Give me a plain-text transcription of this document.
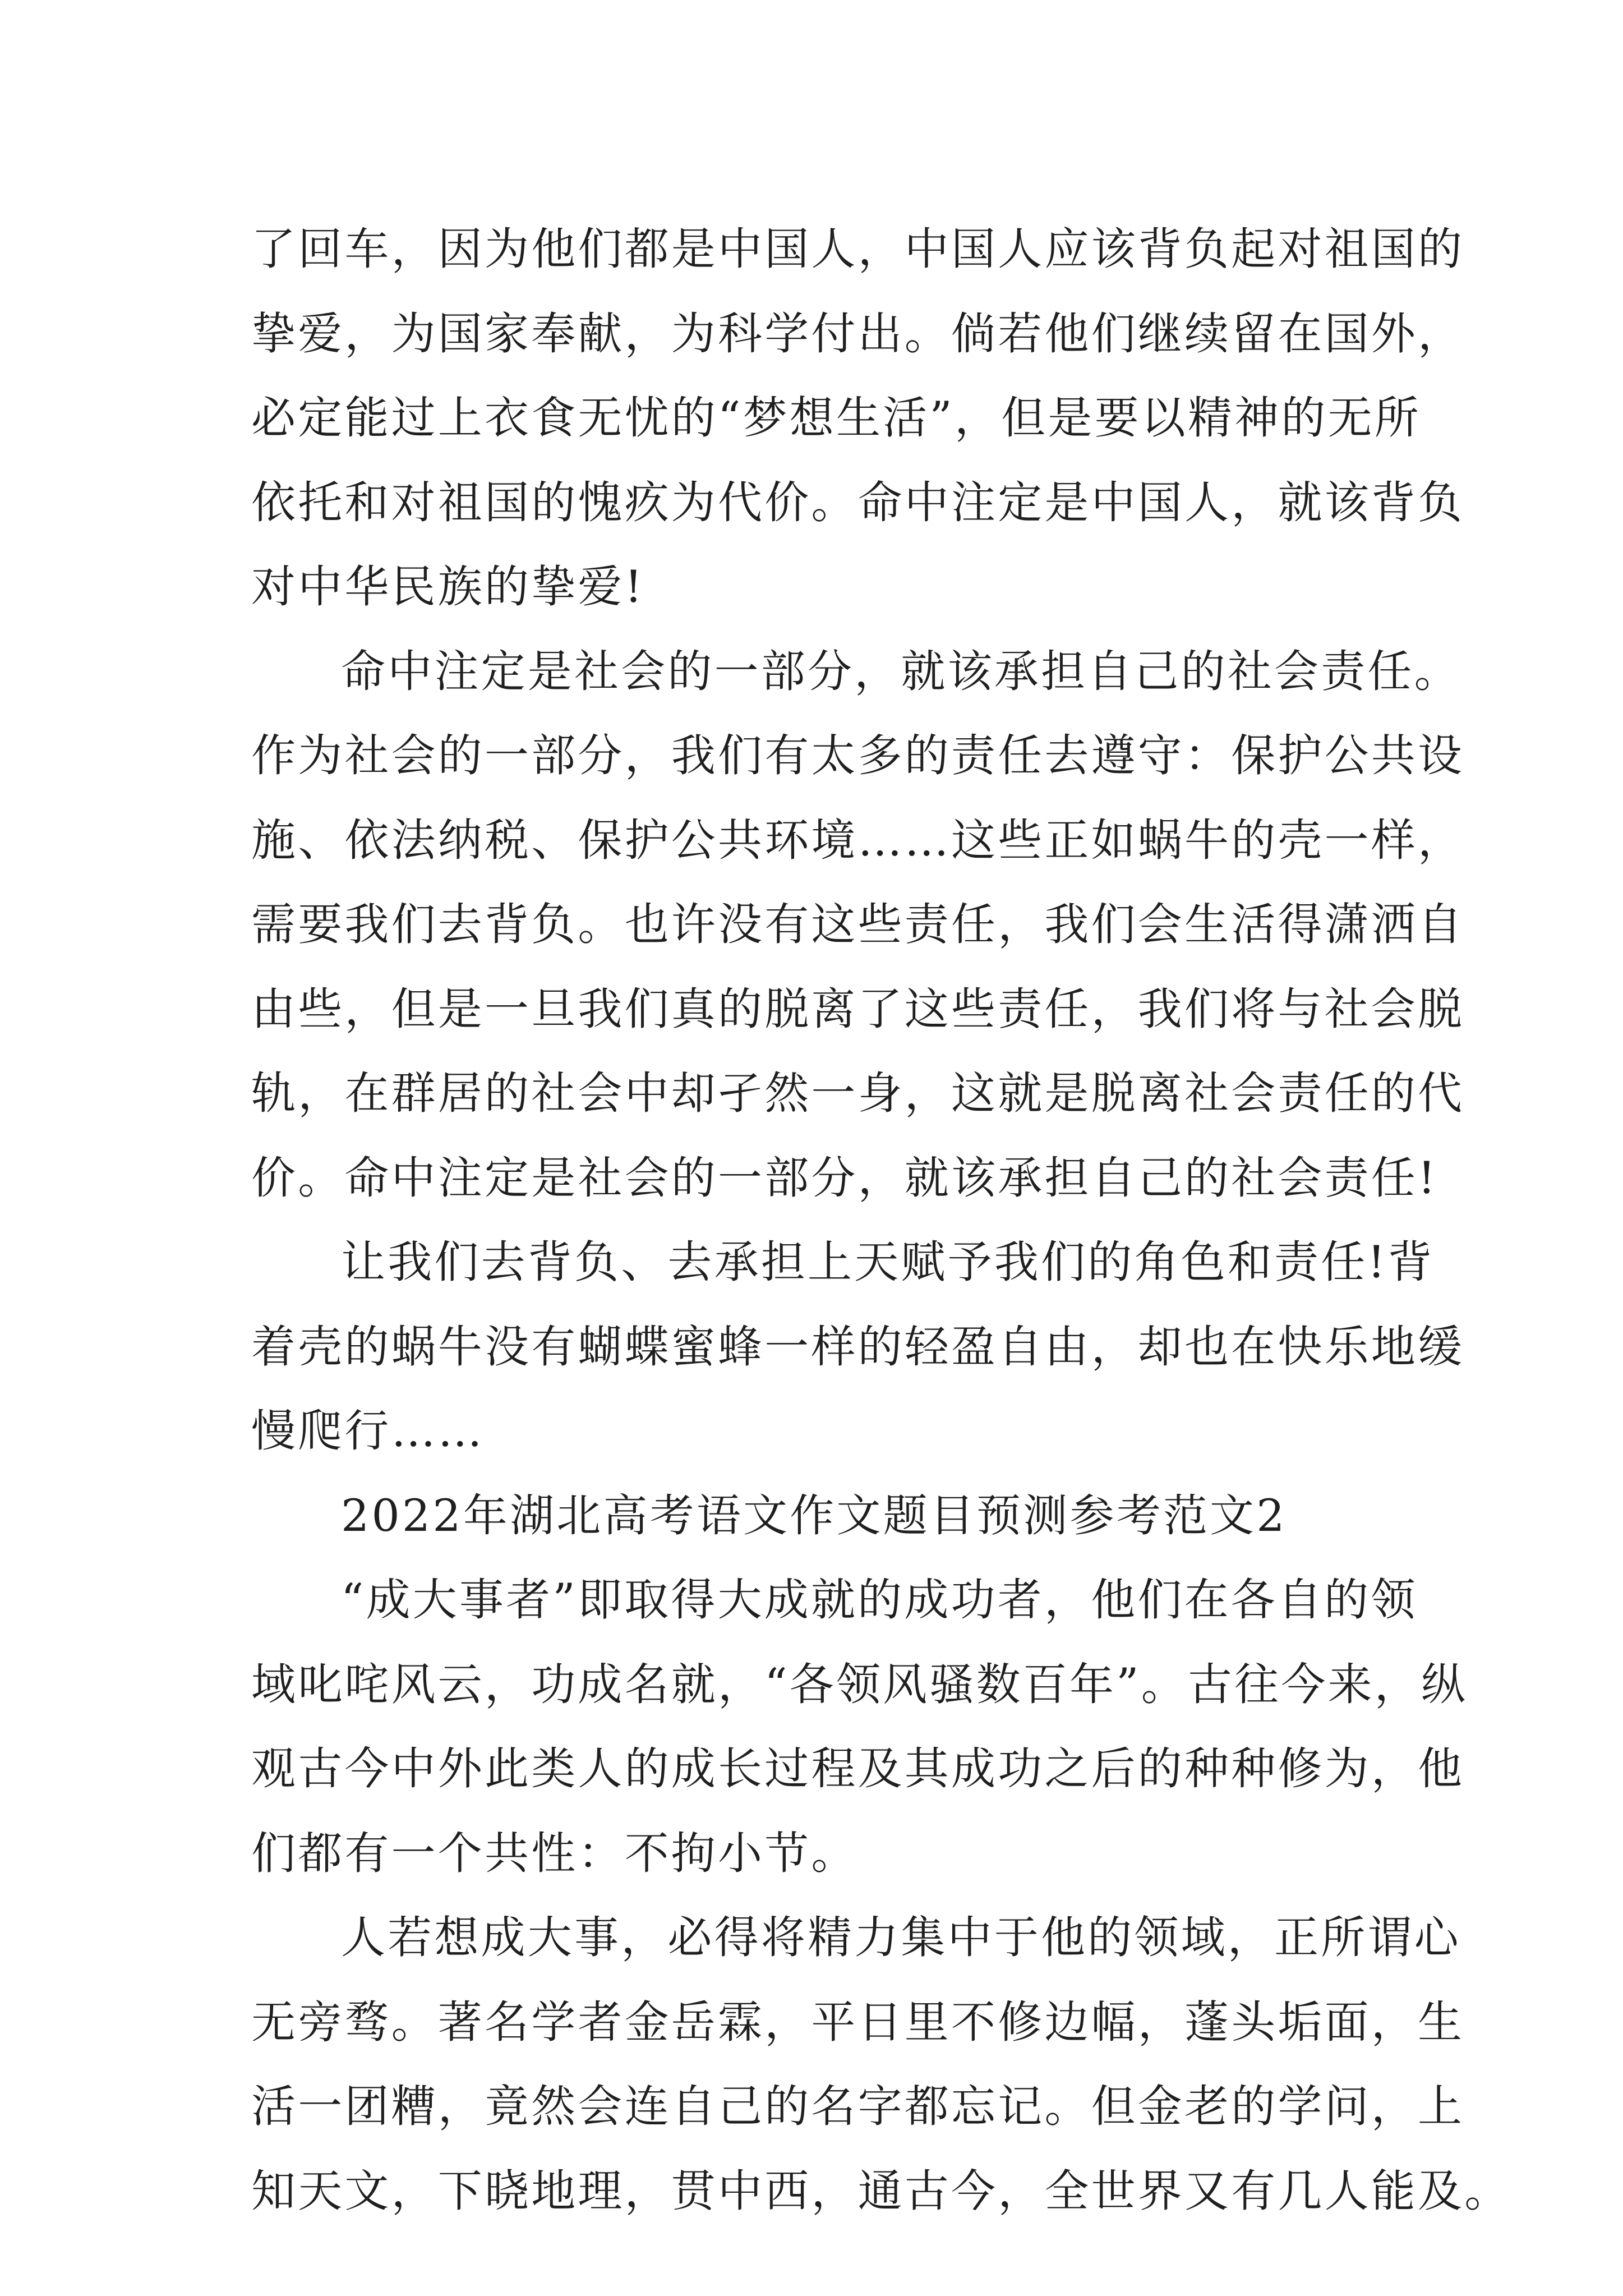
了回车，因为他们都是中国人，中国人应该背负起对祖国的
挚爱，为国家奉献，为科学付出。倘若他们继续留在国外，
必定能过上衣食无忧的“梦想生活”，但是要以精神的无所
依托和对祖国的愧疚为代价。命中注定是中国人，就该背负
对中华民族的挚爱!
命中注定是社会的一部分，就该承担自己的社会责任。
作为社会的一部分，我们有太多的责任去遵守：保护公共设
施、依法纳税、保护公共环境……这些正如蜗牛的壳一样，
需要我们去背负。也许没有这些责任，我们会生活得潇洒自
由些，但是一旦我们真的脱离了这些责任，我们将与社会脱
轨，在群居的社会中却孑然一身，这就是脱离社会责任的代
价。命中注定是社会的一部分，就该承担自己的社会责任!
让我们去背负、去承担上天赋予我们的角色和责任!背
着壳的蜗牛没有蝴蝶蜜蜂一样的轻盈自由，却也在快乐地缓
慢爬行……
2022年湖北高考语文作文题目预测参考范文2
“成大事者”即取得大成就的成功者，他们在各自的领
域叱咤风云，功成名就，“各领风骚数百年”。古往今来，纵
观古今中外此类人的成长过程及其成功之后的种种修为，他
们都有一个共性：不拘小节。
人若想成大事，必得将精力集中于他的领域，正所谓心
无旁骛。著名学者金岳霖，平日里不修边幅，蓬头垢面，生
活一团糟，竟然会连自己的名字都忘记。但金老的学问，上
知天文，下晓地理，贯中西，通古今，全世界又有几人能及。
